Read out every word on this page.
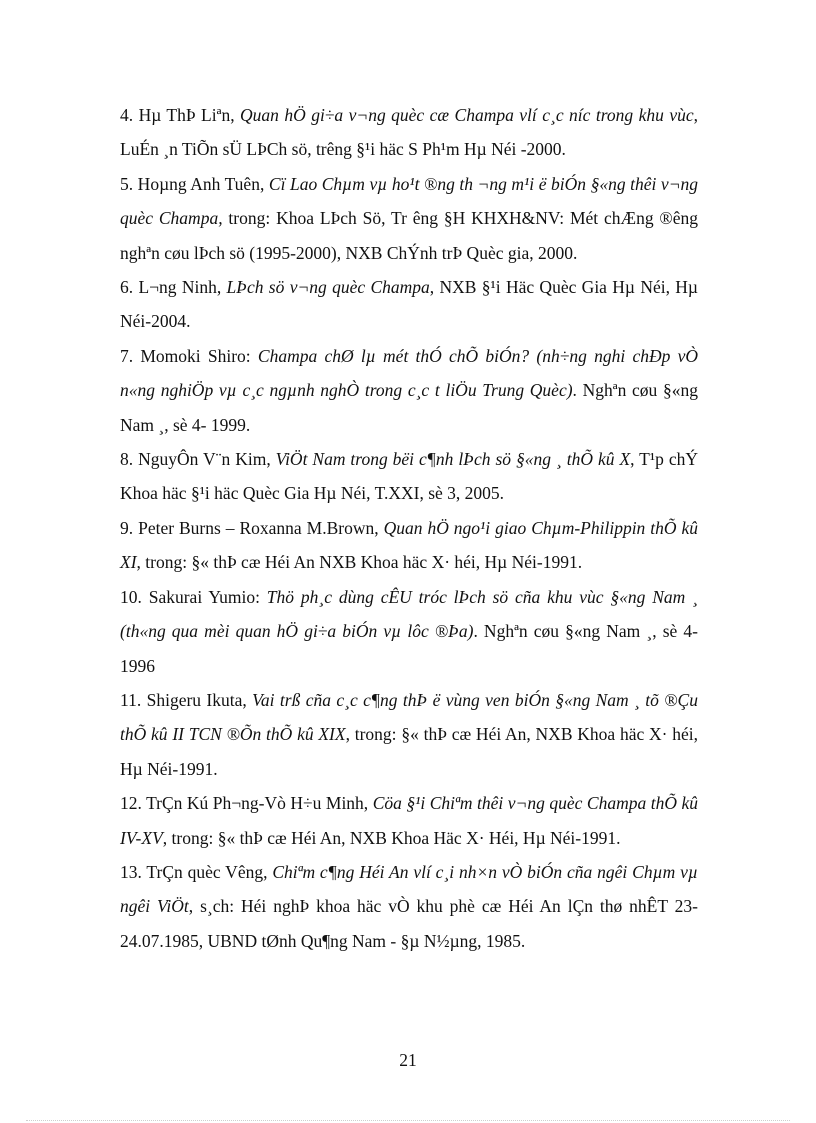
4. Hµ ThÞ Liªn, Quan hÖ gi÷a v¬ng quèc cæ Champa vlí c¸c níc trong khu vùc, LuÉn ¸n TiÕn sÜ LÞCh sö, trêng §¹i häc S Ph¹m Hµ Néi -2000.
5. Hoµng Anh Tuên, Cï Lao Chµm vµ ho¹t ®ng th ¬ng m¹i ë biÓn §«ng thêi v¬ng quèc Champa, trong: Khoa LÞch Sö, Tr êng §H KHXH&NV: Mét chÆng ®êng nghªn cøu lÞch sö (1995-2000), NXB ChÝnh trÞ Quèc gia, 2000.
6. L¬ng Ninh, LÞch sö v¬ng quèc Champa, NXB §¹i Häc Quèc Gia Hµ Néi, Hµ Néi-2004.
7. Momoki Shiro: Champa chØ lµ mét thÓ chÕ biÓn? (nh÷ng nghi chÐp vÒ n«ng nghiÖp vµ c¸c ngµnh nghÒ trong c¸c t liÖu Trung Quèc). Nghªn cøu §«ng Nam ¸, sè 4- 1999.
8. NguyÔn V¨n Kim, ViÖt Nam trong bëi c¶nh lÞch sö §«ng ¸ thÕ kû X, T¹p chÝ Khoa häc §¹i häc Quèc Gia Hµ Néi, T.XXI, sè 3, 2005.
9. Peter Burns – Roxanna M.Brown, Quan hÖ ngo¹i giao Chµm-Philippin thÕ kû XI, trong: §« thÞ cæ Héi An NXB Khoa häc X· héi, Hµ Néi-1991.
10. Sakurai Yumio: Thö ph¸c dùng cÊU tróc lÞch sö cña khu vùc §«ng Nam ¸ (th«ng qua mèi quan hÖ gi÷a biÓn vµ lôc ®Þa). Nghªn cøu §«ng Nam ¸, sè 4- 1996
11. Shigeru Ikuta, Vai trß cña c¸c c¶ng thÞ ë vùng ven biÓn §«ng Nam ¸ tõ ®Çu thÕ kû II TCN ®Õn thÕ kû XIX, trong: §« thÞ cæ Héi An, NXB Khoa häc X· héi, Hµ Néi-1991.
12. TrÇn Kú Ph¬ng-Vò H÷u Minh, Cöa §¹i Chiªm thêi v¬ng quèc Champa thÕ kû IV-XV, trong: §« thÞ cæ Héi An, NXB Khoa Häc X· Héi, Hµ Néi-1991.
13. TrÇn quèc Vêng, Chiªm c¶ng Héi An vlí c¸i nh×n vÒ biÓn cña ngêi Chµm vµ ngêi ViÖt, s¸ch: Héi nghÞ khoa häc vÒ khu phè cæ Héi An lÇn thø nhÊT 23-24.07.1985, UBND tØnh Qu¶ng Nam - §µ N½µng, 1985.
21
